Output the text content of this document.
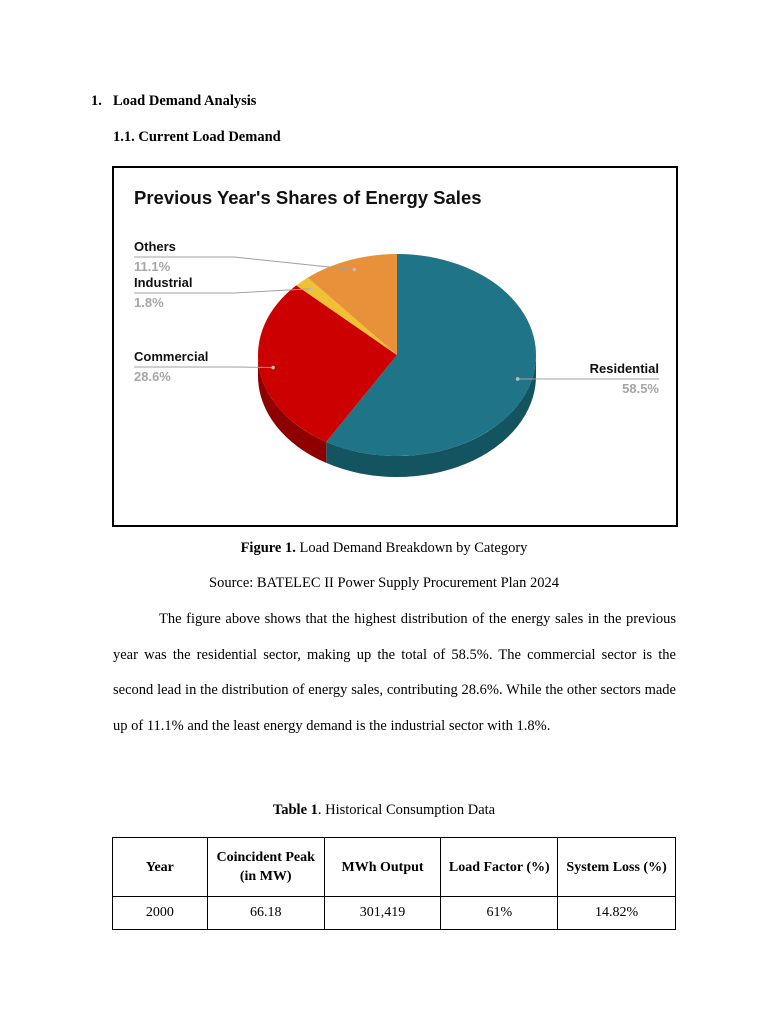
1. Load Demand Analysis
1.1. Current Load Demand
Previous Year's Shares of Energy Sales
Residential
58.5%
Commercial
28.6%
Industrial
1.8%
Others
11.1%
Figure 1. Load Demand Breakdown by Category
Source: BATELEC II Power Supply Procurement Plan 2024
The figure above shows that the highest distribution of the energy sales in the previous year was the residential sector, making up the total of 58.5%. The commercial sector is the second lead in the distribution of energy sales, contributing 28.6%. While the other sectors made up of 11.1% and the least energy demand is the industrial sector with 1.8%.
Table 1. Historical Consumption Data
Year	Coincident Peak (in MW)	MWh Output	Load Factor (%)	System Loss (%)
2000	66.18	301,419	61%	14.82%
